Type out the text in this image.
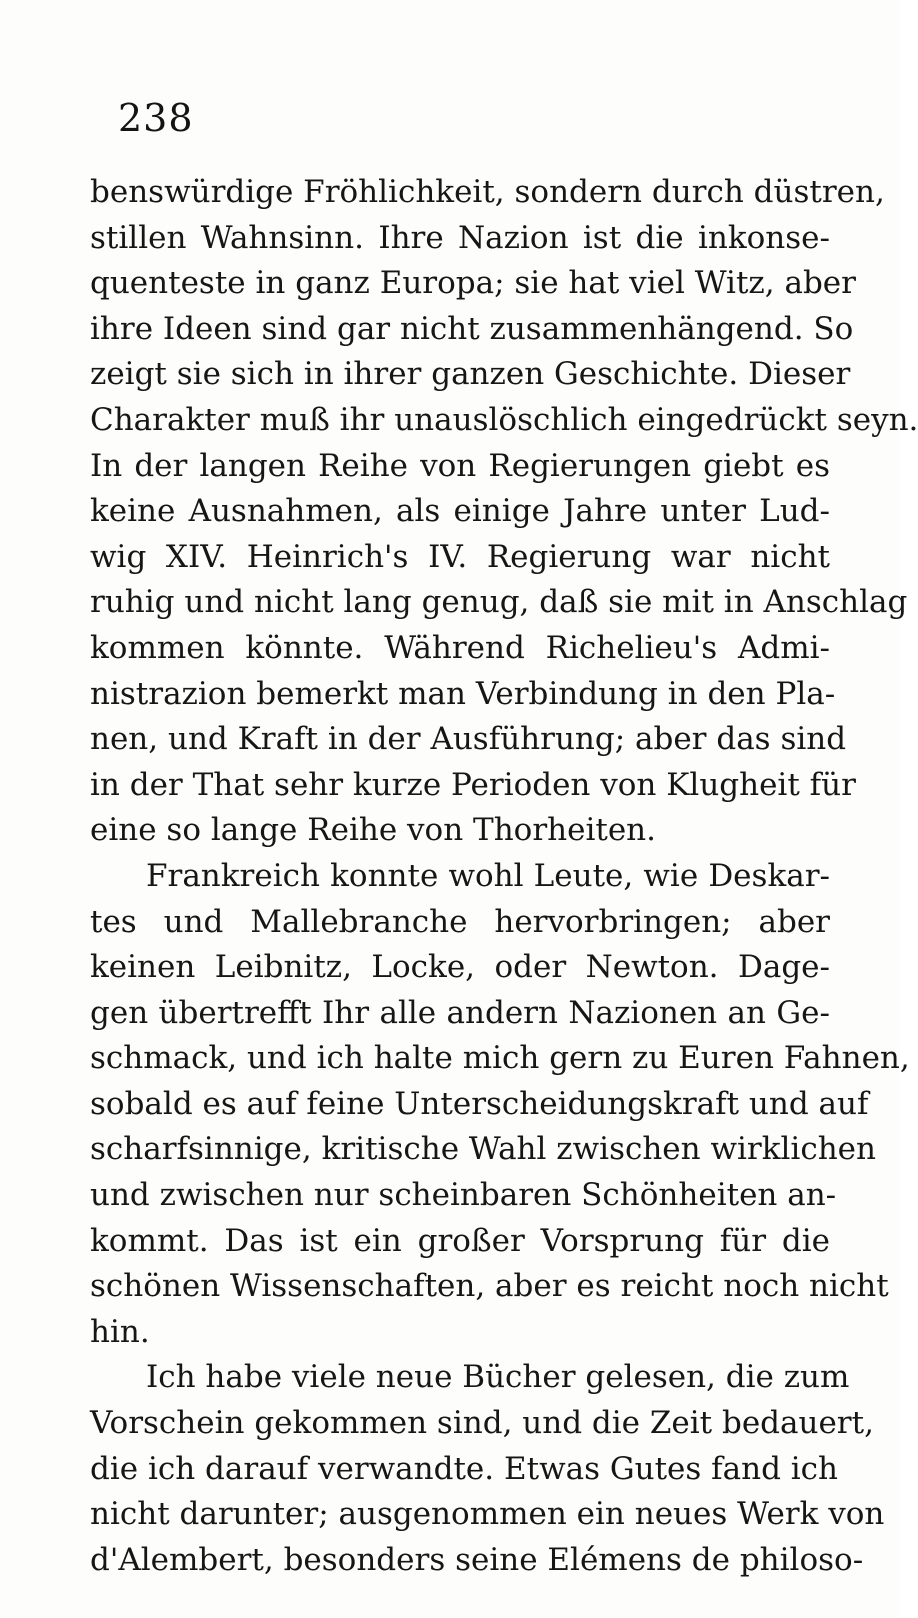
238
benswürdige Fröhlichkeit, sondern durch düstren,
stillen Wahnsinn. Ihre Nazion ist die inkonse-
quenteste in ganz Europa; sie hat viel Witz, aber
ihre Ideen sind gar nicht zusammenhängend. So
zeigt sie sich in ihrer ganzen Geschichte. Dieser
Charakter muß ihr unauslöschlich eingedrückt seyn.
In der langen Reihe von Regierungen giebt es
keine Ausnahmen, als einige Jahre unter Lud-
wig XIV. Heinrich's IV. Regierung war nicht
ruhig und nicht lang genug, daß sie mit in Anschlag
kommen könnte. Während Richelieu's Admi-
nistrazion bemerkt man Verbindung in den Pla-
nen, und Kraft in der Ausführung; aber das sind
in der That sehr kurze Perioden von Klugheit für
eine so lange Reihe von Thorheiten.
Frankreich konnte wohl Leute, wie Deskar-
tes und Mallebranche hervorbringen; aber
keinen Leibnitz, Locke, oder Newton. Dage-
gen übertrefft Ihr alle andern Nazionen an Ge-
schmack, und ich halte mich gern zu Euren Fahnen,
sobald es auf feine Unterscheidungskraft und auf
scharfsinnige, kritische Wahl zwischen wirklichen
und zwischen nur scheinbaren Schönheiten an-
kommt. Das ist ein großer Vorsprung für die
schönen Wissenschaften, aber es reicht noch nicht
hin.
Ich habe viele neue Bücher gelesen, die zum
Vorschein gekommen sind, und die Zeit bedauert,
die ich darauf verwandte. Etwas Gutes fand ich
nicht darunter; ausgenommen ein neues Werk von
d'Alembert, besonders seine Elémens de philoso-
